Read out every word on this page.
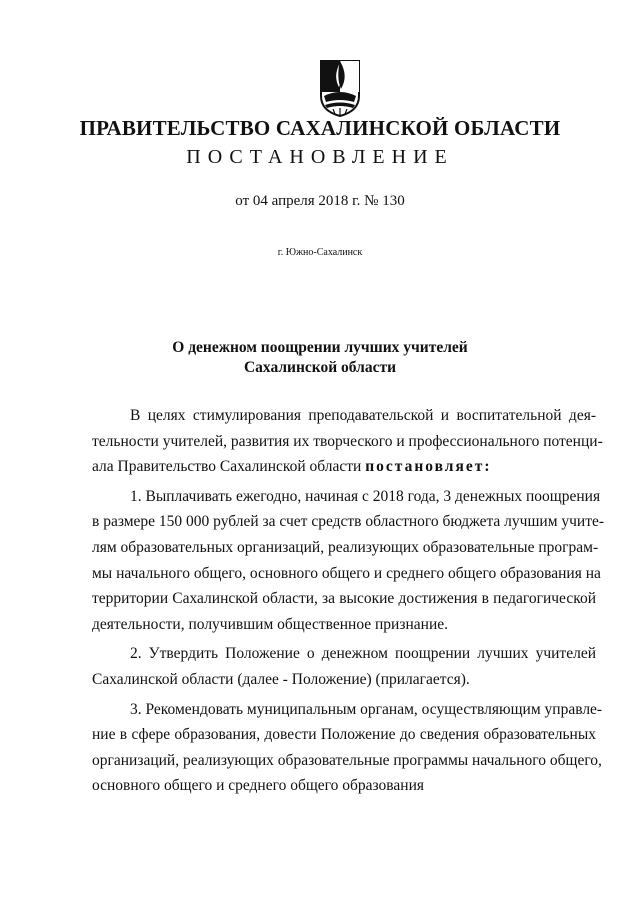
ПРАВИТЕЛЬСТВО САХАЛИНСКОЙ ОБЛАСТИ
ПОСТАНОВЛЕНИЕ
от 04 апреля 2018 г. № 130
г. Южно-Сахалинск
О денежном поощрении лучших учителей
Сахалинской области

В целях стимулирования преподавательской и воспитательной дея-
тельности учителей, развития их творческого и профессионального потенци-
ала Правительство Сахалинской области постановляет:

1. Выплачивать ежегодно, начиная с 2018 года, 3 денежных поощрения
в размере 150 000 рублей за счет средств областного бюджета лучшим учите-
лям образовательных организаций, реализующих образовательные програм-
мы начального общего, основного общего и среднего общего образования на
территории Сахалинской области, за высокие достижения в педагогической
деятельности, получившим общественное признание.

2. Утвердить Положение о денежном поощрении лучших учителей
Сахалинской области (далее - Положение) (прилагается).

3. Рекомендовать муниципальным органам, осуществляющим управле-
ние в сфере образования, довести Положение до сведения образовательных
организаций, реализующих образовательные программы начального общего,
основного общего и среднего общего образования
